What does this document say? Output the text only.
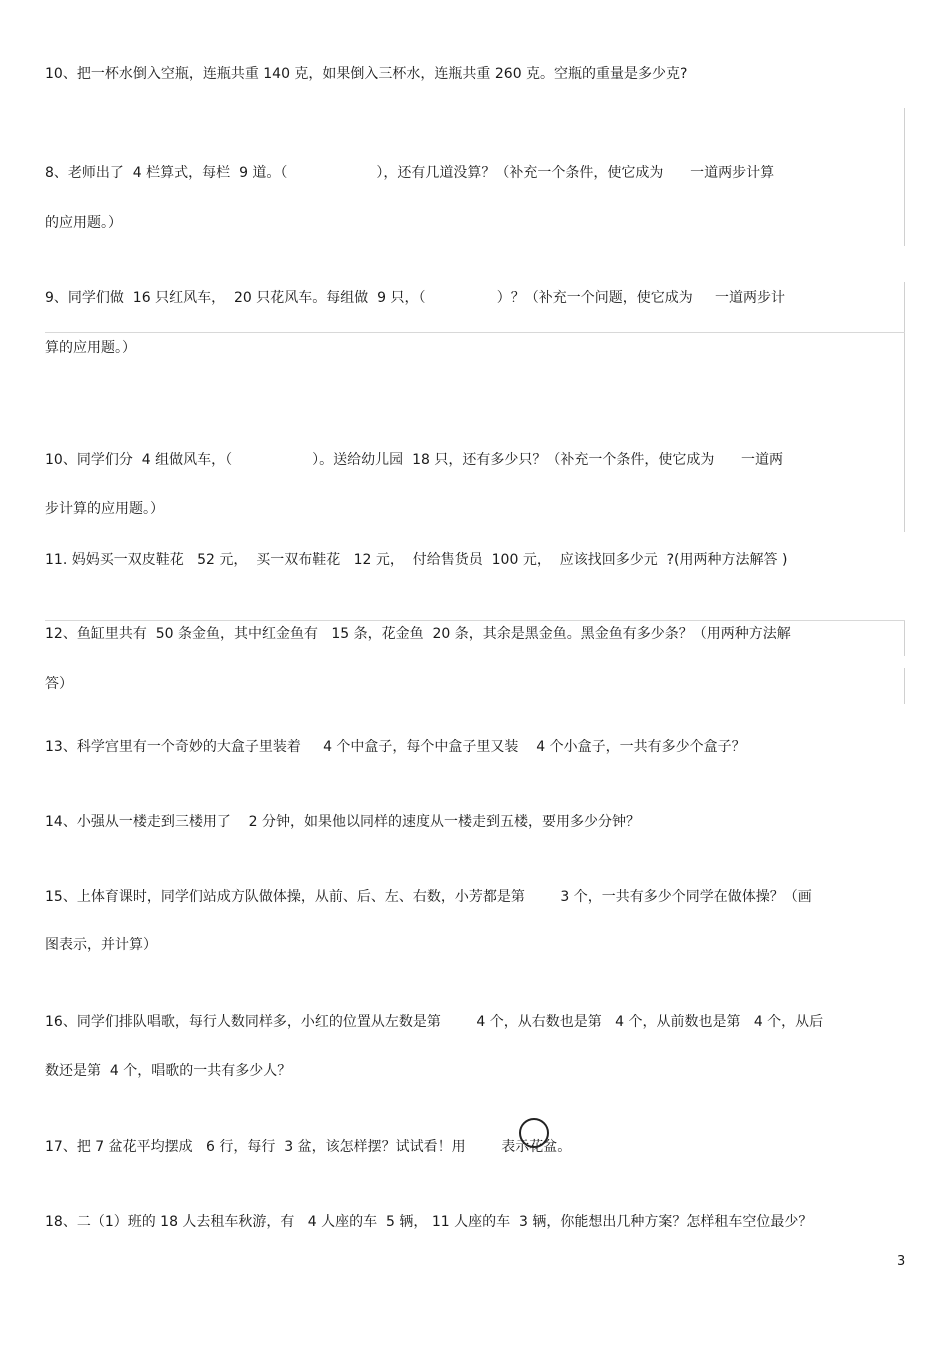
10、把一杯水倒入空瓶，连瓶共重 140 克，如果倒入三杯水，连瓶共重 260 克。空瓶的重量是多少克?
8、老师出了  4 栏算式，每栏  9 道。（                    ），还有几道没算？（补充一个条件，使它成为      一道两步计算
的应用题。）
9、同学们做  16 只红风车，  20 只花风车。每组做  9 只，（                ）？（补充一个问题，使它成为     一道两步计
算的应用题。）
10、同学们分  4 组做风车，（                  ）。送给幼儿园  18 只，还有多少只？（补充一个条件，使它成为      一道两
步计算的应用题。）
11. 妈妈买一双皮鞋花   52 元，  买一双布鞋花   12 元，  付给售货员  100 元，  应该找回多少元  ?(用两种方法解答 )
12、鱼缸里共有  50 条金鱼，其中红金鱼有   15 条，花金鱼  20 条，其余是黑金鱼。黑金鱼有多少条？（用两种方法解
答）
13、科学宫里有一个奇妙的大盒子里装着     4 个中盒子，每个中盒子里又装    4 个小盒子，一共有多少个盒子？
14、小强从一楼走到三楼用了    2 分钟，如果他以同样的速度从一楼走到五楼，要用多少分钟？
15、上体育课时，同学们站成方队做体操，从前、后、左、右数，小芳都是第        3 个，一共有多少个同学在做体操？（画
图表示，并计算）
16、同学们排队唱歌，每行人数同样多，小红的位置从左数是第        4 个，从右数也是第   4 个，从前数也是第   4 个，从后
数还是第  4 个，唱歌的一共有多少人？
17、把 7 盆花平均摆成   6 行，每行  3 盆，该怎样摆？试试看！用        表示花盆。
18、二（1）班的 18 人去租车秋游，有   4 人座的车  5 辆， 11 人座的车  3 辆，你能想出几种方案？怎样租车空位最少？
3
